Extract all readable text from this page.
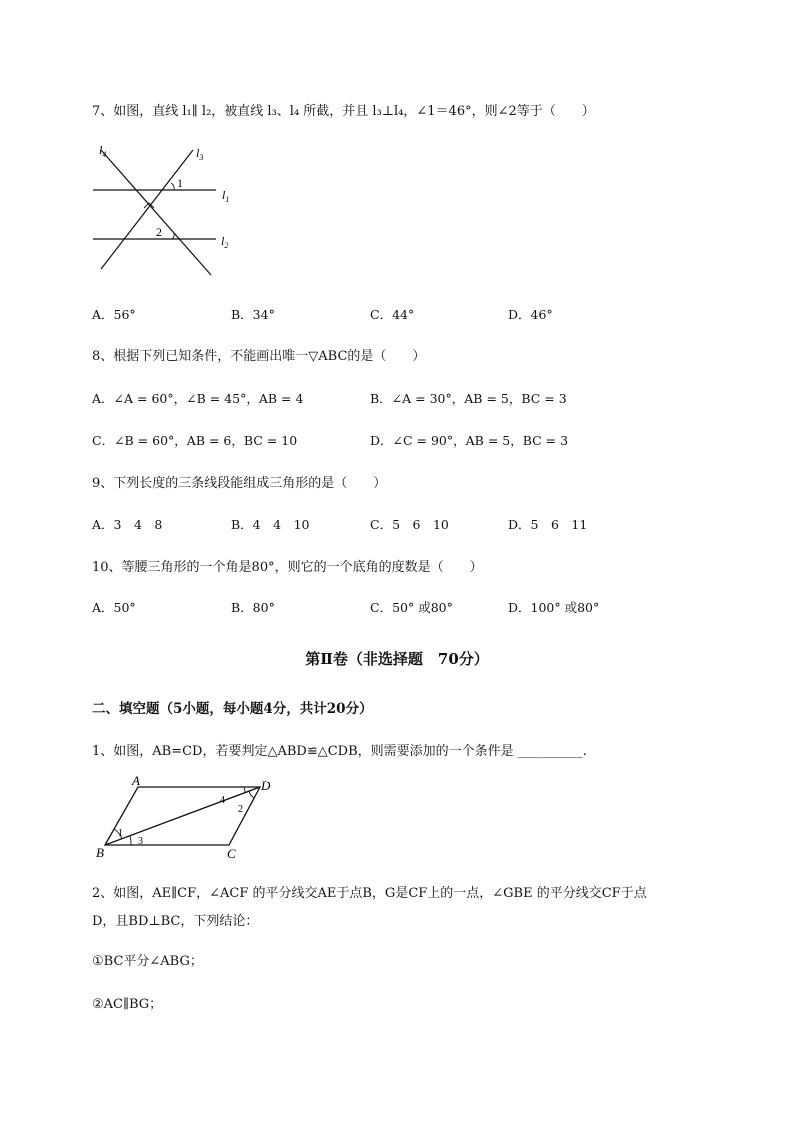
7、如图，直线 l₁∥ l₂，被直线 l₃、l₄ 所截，并且 l₃⊥l₄，∠1＝46°，则∠2等于（　　）
$l_4$	$l_3$
$l_1$
$l_2$
1
2
A．56°	B．34°	C．44°	D．46°
8、根据下列已知条件，不能画出唯一▽ABC的是（　　）
A．∠A = 60°，∠B = 45°，AB = 4	B．∠A = 30°，AB = 5，BC = 3
C．∠B = 60°，AB = 6，BC = 10	D．∠C = 90°，AB = 5，BC = 3
9、下列长度的三条线段能组成三角形的是（　　）
A．3　4　8	B．4　4　10	C．5　6　10	D．5　6　11
10、等腰三角形的一个角是80°，则它的一个底角的度数是（　　）
A．50°	B．80°	C．50° 或80°	D．100° 或80°
第Ⅱ卷（非选择题　70分）
二、填空题（5小题，每小题4分，共计20分）
1、如图，AB=CD，若要判定△ABD≌△CDB，则需要添加的一个条件是 __________.
A	D
B	C
1
2
3
4
2、如图，AE∥CF，∠ACF 的平分线交AE于点B，G是CF上的一点，∠GBE 的平分线交CF于点
D，且BD⊥BC，下列结论：
①BC平分∠ABG；
②AC∥BG；
